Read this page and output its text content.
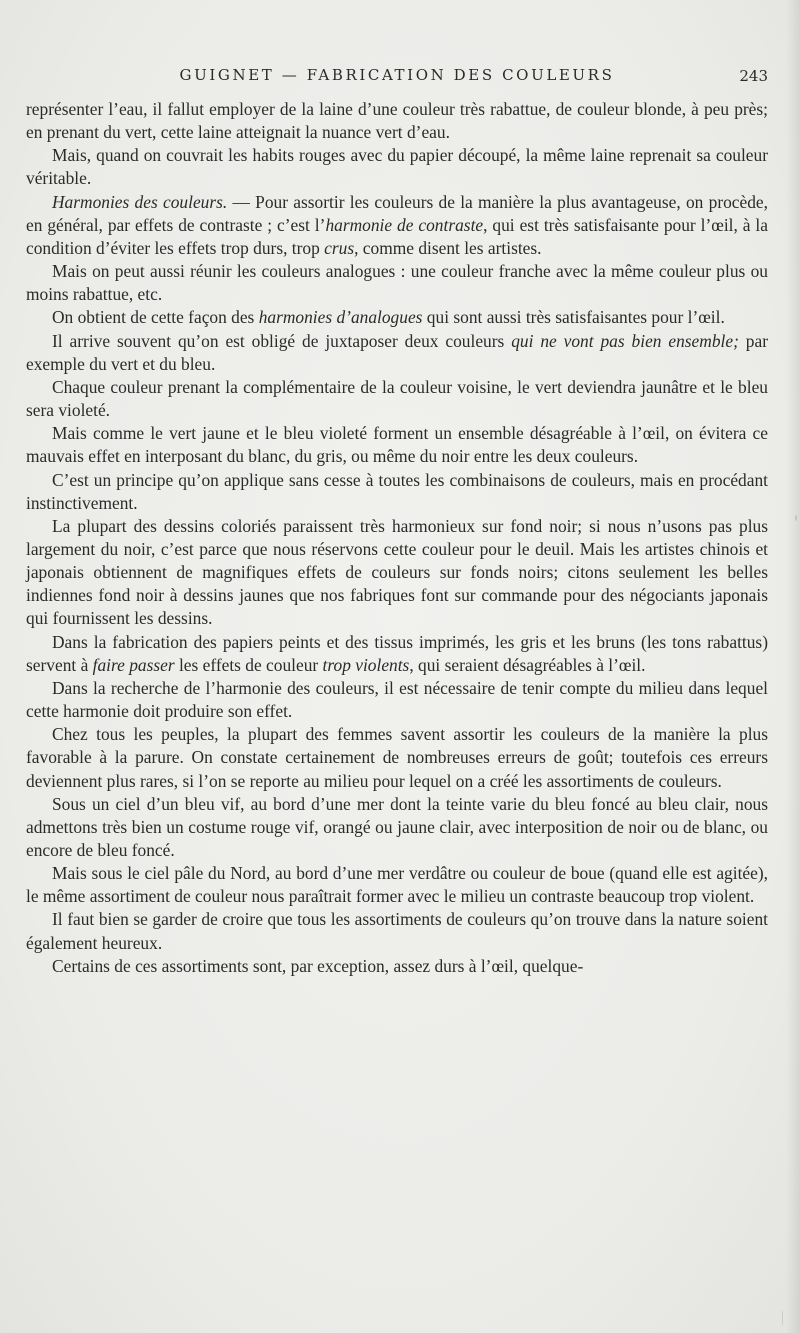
GUIGNET — FABRICATION DES COULEURS	243

représenter l’eau, il fallut employer de la laine d’une couleur très rabattue, de couleur blonde, à peu près; en prenant du vert, cette laine atteignait la nuance vert d’eau.

Mais, quand on couvrait les habits rouges avec du papier découpé, la même laine reprenait sa couleur véritable.

Harmonies des couleurs. — Pour assortir les couleurs de la manière la plus avantageuse, on procède, en général, par effets de contraste ; c’est l’harmonie de contraste, qui est très satisfaisante pour l’œil, à la condition d’éviter les effets trop durs, trop crus, comme disent les artistes.

Mais on peut aussi réunir les couleurs analogues : une couleur franche avec la même couleur plus ou moins rabattue, etc.

On obtient de cette façon des harmonies d’analogues qui sont aussi très satisfaisantes pour l’œil.

Il arrive souvent qu’on est obligé de juxtaposer deux couleurs qui ne vont pas bien ensemble; par exemple du vert et du bleu.

Chaque couleur prenant la complémentaire de la couleur voisine, le vert deviendra jaunâtre et le bleu sera violeté.

Mais comme le vert jaune et le bleu violeté forment un ensemble désagréable à l’œil, on évitera ce mauvais effet en interposant du blanc, du gris, ou même du noir entre les deux couleurs.

C’est un principe qu’on applique sans cesse à toutes les combinaisons de couleurs, mais en procédant instinctivement.

La plupart des dessins coloriés paraissent très harmonieux sur fond noir; si nous n’usons pas plus largement du noir, c’est parce que nous réservons cette couleur pour le deuil. Mais les artistes chinois et japonais obtiennent de magnifiques effets de couleurs sur fonds noirs; citons seulement les belles indiennes fond noir à dessins jaunes que nos fabriques font sur commande pour des négociants japonais qui fournissent les dessins.

Dans la fabrication des papiers peints et des tissus imprimés, les gris et les bruns (les tons rabattus) servent à faire passer les effets de couleur trop violents, qui seraient désagréables à l’œil.

Dans la recherche de l’harmonie des couleurs, il est nécessaire de tenir compte du milieu dans lequel cette harmonie doit produire son effet.

Chez tous les peuples, la plupart des femmes savent assortir les couleurs de la manière la plus favorable à la parure. On constate certainement de nombreuses erreurs de goût; toutefois ces erreurs deviennent plus rares, si l’on se reporte au milieu pour lequel on a créé les assortiments de couleurs.

Sous un ciel d’un bleu vif, au bord d’une mer dont la teinte varie du bleu foncé au bleu clair, nous admettons très bien un costume rouge vif, orangé ou jaune clair, avec interposition de noir ou de blanc, ou encore de bleu foncé.

Mais sous le ciel pâle du Nord, au bord d’une mer verdâtre ou couleur de boue (quand elle est agitée), le même assortiment de couleur nous paraîtrait former avec le milieu un contraste beaucoup trop violent.

Il faut bien se garder de croire que tous les assortiments de couleurs qu’on trouve dans la nature soient également heureux.

Certains de ces assortiments sont, par exception, assez durs à l’œil, quelque-
